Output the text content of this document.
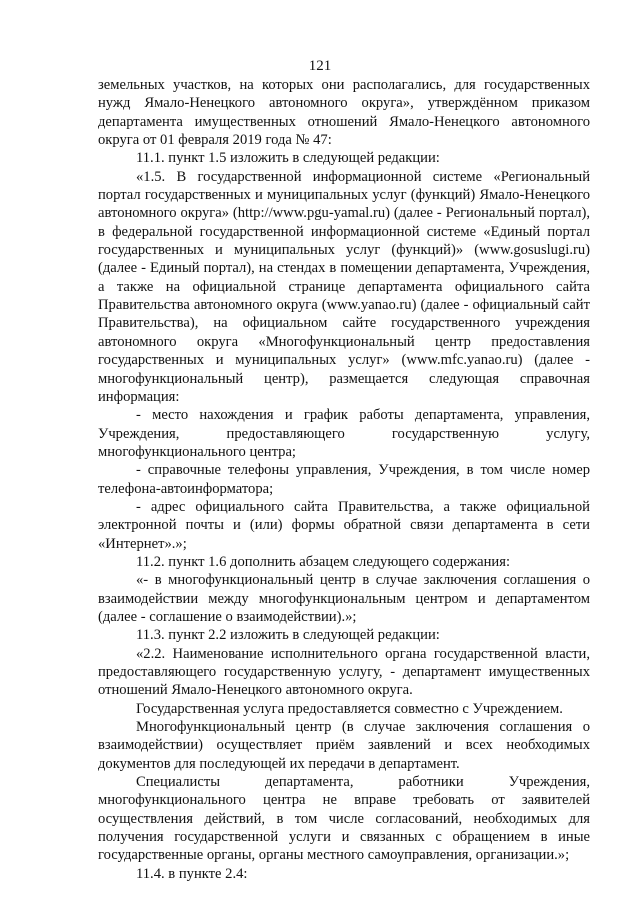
121

земельных участков, на которых они располагались, для государственных нужд Ямало-Ненецкого автономного округа», утверждённом приказом департамента имущественных отношений Ямало-Ненецкого автономного округа от 01 февраля 2019 года № 47:

11.1. пункт 1.5 изложить в следующей редакции:

«1.5. В государственной информационной системе «Региональный портал государственных и муниципальных услуг (функций) Ямало-Ненецкого автономного округа» (http://www.pgu-yamal.ru) (далее - Региональный портал), в федеральной государственной информационной системе «Единый портал государственных и муниципальных услуг (функций)» (www.gosuslugi.ru) (далее - Единый портал), на стендах в помещении департамента, Учреждения, а также на официальной странице департамента официального сайта Правительства автономного округа (www.yanao.ru) (далее - официальный сайт Правительства), на официальном сайте государственного учреждения автономного округа «Многофункциональный центр предоставления государственных и муниципальных услуг» (www.mfc.yanao.ru) (далее - многофункциональный центр), размещается следующая справочная информация:

- место нахождения и график работы департамента, управления, Учреждения, предоставляющего государственную услугу, многофункционального центра;

- справочные телефоны управления, Учреждения, в том числе номер телефона-автоинформатора;

- адрес официального сайта Правительства, а также официальной электронной почты и (или) формы обратной связи департамента в сети «Интернет».»;

11.2. пункт 1.6 дополнить абзацем следующего содержания:

«- в многофункциональный центр в случае заключения соглашения о взаимодействии между многофункциональным центром и департаментом (далее - соглашение о взаимодействии).»;

11.3. пункт 2.2 изложить в следующей редакции:

«2.2. Наименование исполнительного органа государственной власти, предоставляющего государственную услугу, - департамент имущественных отношений Ямало-Ненецкого автономного округа.

Государственная услуга предоставляется совместно с Учреждением.

Многофункциональный центр (в случае заключения соглашения о взаимодействии) осуществляет приём заявлений и всех необходимых документов для последующей их передачи в департамент.

Специалисты департамента, работники Учреждения, многофункционального центра не вправе требовать от заявителей осуществления действий, в том числе согласований, необходимых для получения государственной услуги и связанных с обращением в иные государственные органы, органы местного самоуправления, организации.»;

11.4. в пункте 2.4:
